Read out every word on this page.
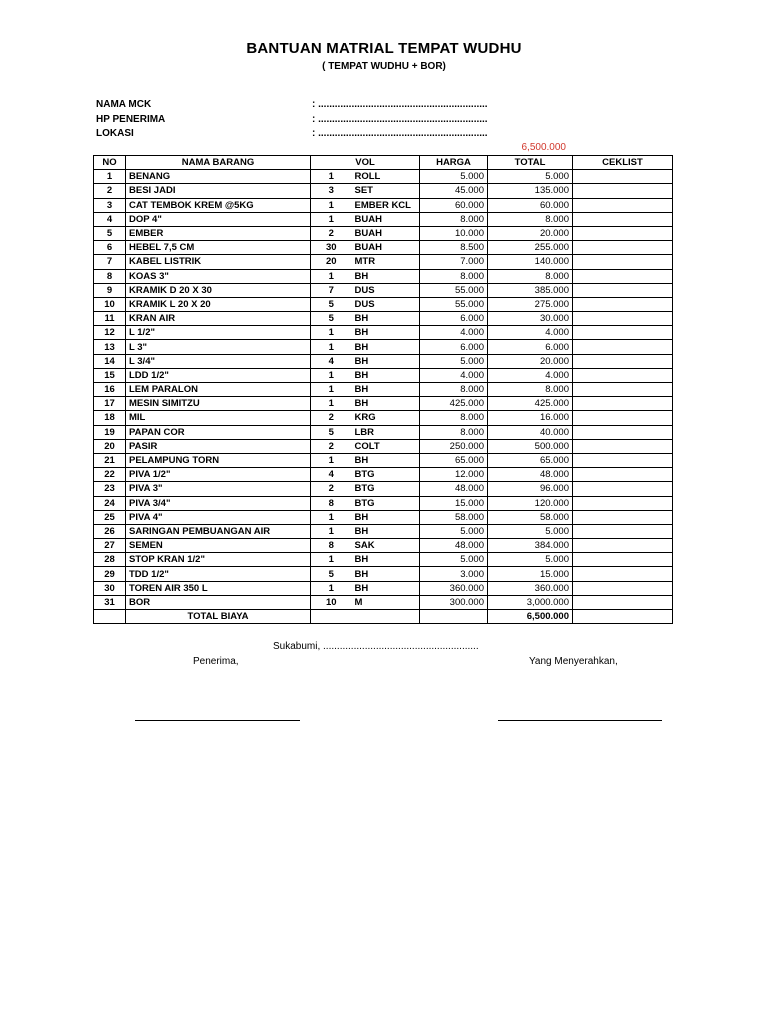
BANTUAN MATRIAL TEMPAT WUDHU
( TEMPAT WUDHU + BOR)
NAMA MCK	: .............................................................
HP PENERIMA	: .............................................................
LOKASI	: .............................................................
6,500.000
NO	NAMA BARANG	VOL		HARGA	TOTAL	CEKLIST
1	BENANG	1	ROLL	5.000	5.000	
2	BESI JADI	3	SET	45.000	135.000	
3	CAT TEMBOK KREM @5KG	1	EMBER KCL	60.000	60.000	
4	DOP 4"	1	BUAH	8.000	8.000	
5	EMBER	2	BUAH	10.000	20.000	
6	HEBEL 7,5 CM	30	BUAH	8.500	255.000	
7	KABEL LISTRIK	20	MTR	7.000	140.000	
8	KOAS 3"	1	BH	8.000	8.000	
9	KRAMIK D 20 X 30	7	DUS	55.000	385.000	
10	KRAMIK L 20 X 20	5	DUS	55.000	275.000	
11	KRAN AIR	5	BH	6.000	30.000	
12	L 1/2"	1	BH	4.000	4.000	
13	L 3"	1	BH	6.000	6.000	
14	L 3/4"	4	BH	5.000	20.000	
15	LDD 1/2"	1	BH	4.000	4.000	
16	LEM PARALON	1	BH	8.000	8.000	
17	MESIN SIMITZU	1	BH	425.000	425.000	
18	MIL	2	KRG	8.000	16.000	
19	PAPAN COR	5	LBR	8.000	40.000	
20	PASIR	2	COLT	250.000	500.000	
21	PELAMPUNG TORN	1	BH	65.000	65.000	
22	PIVA 1/2"	4	BTG	12.000	48.000	
23	PIVA 3"	2	BTG	48.000	96.000	
24	PIVA 3/4"	8	BTG	15.000	120.000	
25	PIVA 4"	1	BH	58.000	58.000	
26	SARINGAN PEMBUANGAN AIR	1	BH	5.000	5.000	
27	SEMEN	8	SAK	48.000	384.000	
28	STOP KRAN 1/2"	1	BH	5.000	5.000	
29	TDD 1/2"	5	BH	3.000	15.000	
30	TOREN AIR 350 L	1	BH	360.000	360.000	
31	BOR	10	M	300.000	3,000.000	
	TOTAL BIAYA				6,500.000	
Sukabumi, ........................................................
Penerima,	Yang Menyerahkan,
